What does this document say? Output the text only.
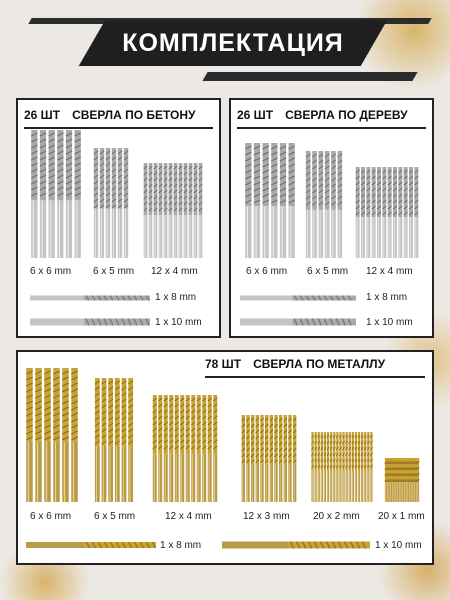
КОМПЛЕКТАЦИЯ
26 ШТ СВЕРЛА ПО БЕТОНУ
6 х 6 mm 6 х 5 mm 12 х 4 mm
1 х 8 mm
1 х 10 mm
26 ШТ СВЕРЛА ПО ДЕРЕВУ
6 х 6 mm 6 х 5 mm 12 х 4 mm
1 х 8 mm
1 х 10 mm
78 ШТ СВЕРЛА ПО МЕТАЛЛУ
6 х 6 mm 6 х 5 mm	12 х 4 mm	12 х 3 mm 20 х 2 mm 20 х 1 mm
1 х 8 mm	1 х 10 mm
